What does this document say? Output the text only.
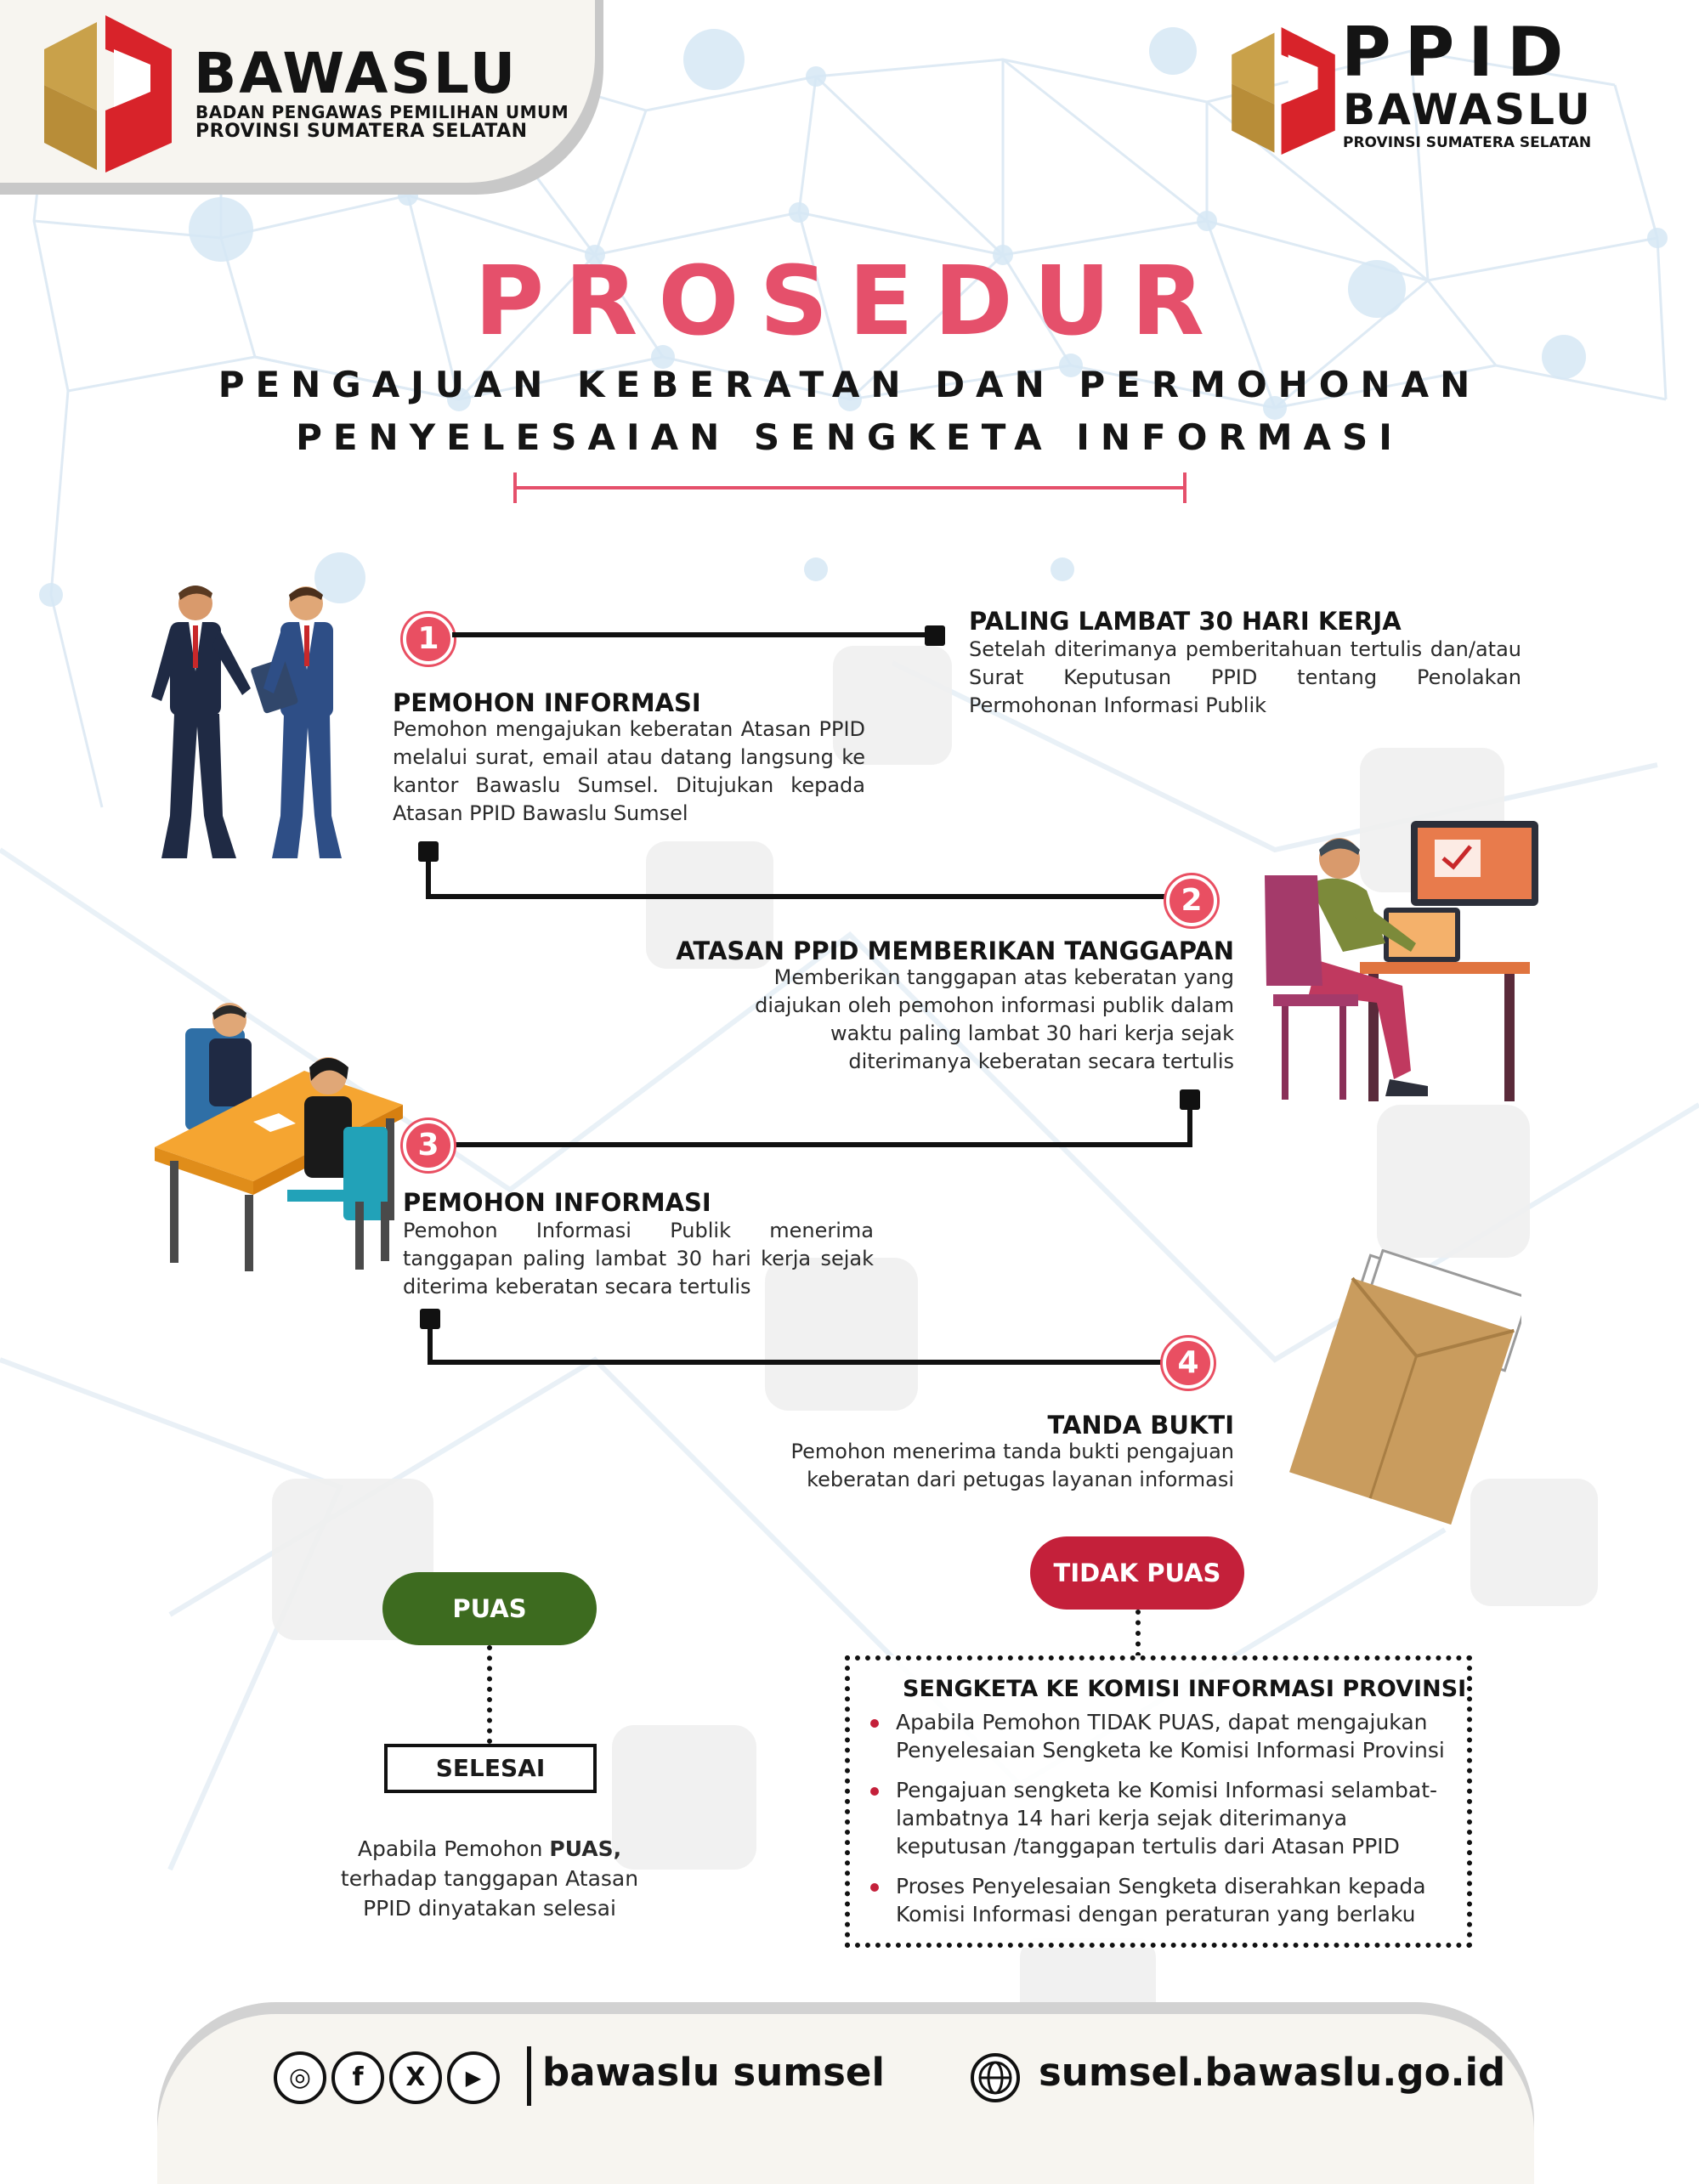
BAWASLU
BADAN PENGAWAS PEMILIHAN UMUM
PROVINSI SUMATERA SELATAN
PPID
BAWASLU
PROVINSI SUMATERA SELATAN
PROSEDUR
PENGAJUAN KEBERATAN DAN PERMOHONAN
PENYELESAIAN SENGKETA INFORMASI
1	PALING LAMBAT 30 HARI KERJA
Setelah diterimanya pemberitahuan tertulis dan/atau Surat Keputusan PPID tentang Penolakan Permohonan Informasi Publik
PEMOHON INFORMASI
Pemohon mengajukan keberatan Atasan PPID melalui surat, email atau datang langsung ke kantor Bawaslu Sumsel. Ditujukan kepada Atasan PPID Bawaslu Sumsel
2
ATASAN PPID MEMBERIKAN TANGGAPAN
Memberikan tanggapan atas keberatan yang
diajukan oleh pemohon informasi publik dalam
waktu paling lambat 30 hari kerja sejak
diterimanya keberatan secara tertulis
3
PEMOHON INFORMASI
Pemohon Informasi Publik menerima tanggapan paling lambat 30 hari kerja sejak diterima keberatan secara tertulis
4
TANDA BUKTI
Pemohon menerima tanda bukti pengajuan
keberatan dari petugas layanan informasi
PUAS
SELESAI
Apabila Pemohon PUAS,
terhadap tanggapan Atasan
PPID dinyatakan selesai
TIDAK PUAS
SENGKETA KE KOMISI INFORMASI PROVINSI
Apabila Pemohon TIDAK PUAS, dapat mengajukan Penyelesaian Sengketa ke Komisi Informasi Provinsi
Pengajuan sengketa ke Komisi Informasi selambat-lambatnya 14 hari kerja sejak diterimanya keputusan /tanggapan tertulis dari Atasan PPID
Proses Penyelesaian Sengketa diserahkan kepada Komisi Informasi dengan peraturan yang berlaku
◎	f	X	▶	bawaslu sumsel	sumsel.bawaslu.go.id
